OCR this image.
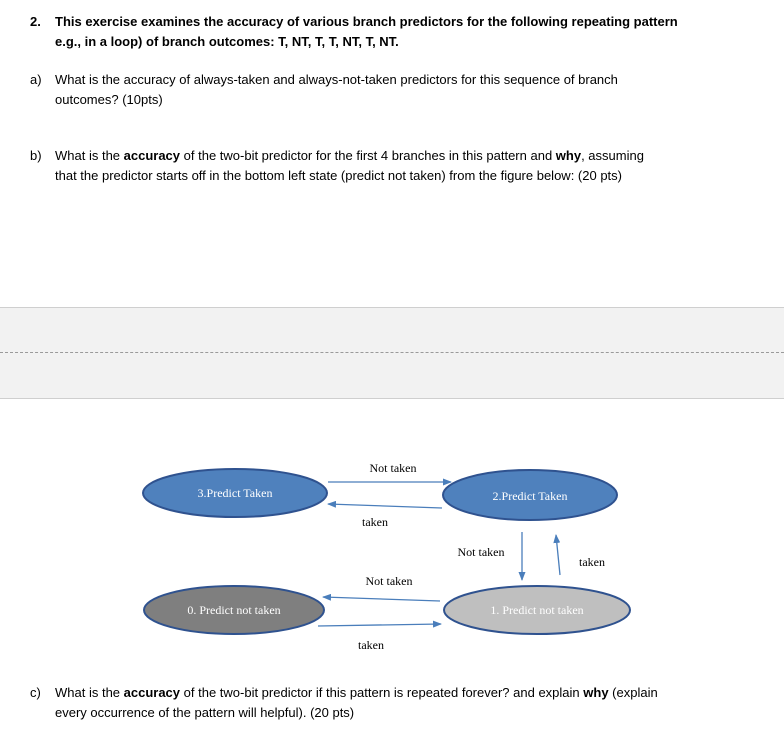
2. This exercise examines the accuracy of various branch predictors for the following repeating pattern
e.g., in a loop) of branch outcomes: T, NT, T, T, NT, T, NT.
a) What is the accuracy of always-taken and always-not-taken predictors for this sequence of branch
outcomes? (10pts)
b) What is the accuracy of the two-bit predictor for the first 4 branches in this pattern and why, assuming
that the predictor starts off in the bottom left state (predict not taken) from the figure below: (20 pts)
3.Predict Taken	2.Predict Taken
0. Predict not taken	1. Predict not taken
Not taken
taken
Not taken
taken
Not taken
taken
c) What is the accuracy of the two-bit predictor if this pattern is repeated forever? and explain why (explain
every occurrence of the pattern will helpful). (20 pts)
